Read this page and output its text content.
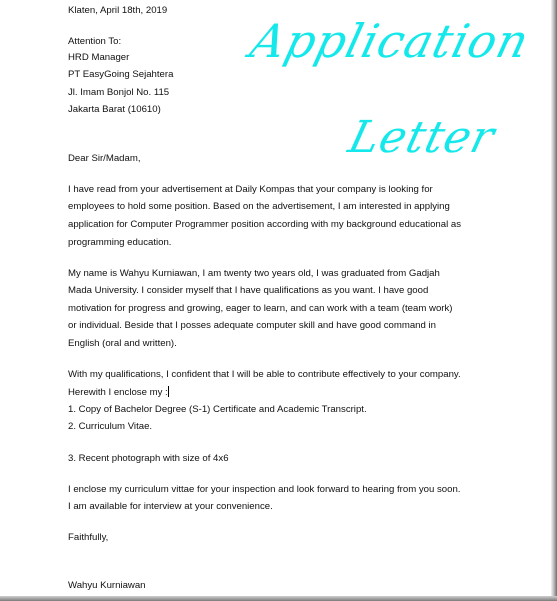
Klaten, April 18th, 2019
Attention To:
HRD Manager
PT EasyGoing Sejahtera
Jl. Imam Bonjol No. 115
Jakarta Barat (10610)
Dear Sir/Madam,
I have read from your advertisement at Daily Kompas that your company is looking for
employees to hold some position. Based on the advertisement, I am interested in applying
application for Computer Programmer position according with my background educational as
programming education.
My name is Wahyu Kurniawan, I am twenty two years old, I was graduated from Gadjah
Mada University. I consider myself that I have qualifications as you want. I have good
motivation for progress and growing, eager to learn, and can work with a team (team work)
or individual. Beside that I posses adequate computer skill and have good command in
English (oral and written).
With my qualifications, I confident that I will be able to contribute effectively to your company.
Herewith I enclose my :
1. Copy of Bachelor Degree (S-1) Certificate and Academic Transcript.
2. Curriculum Vitae.
3. Recent photograph with size of 4x6
I enclose my curriculum vittae for your inspection and look forward to hearing from you soon.
I am available for interview at your convenience.
Faithfully,
Wahyu Kurniawan
Application
Letter
